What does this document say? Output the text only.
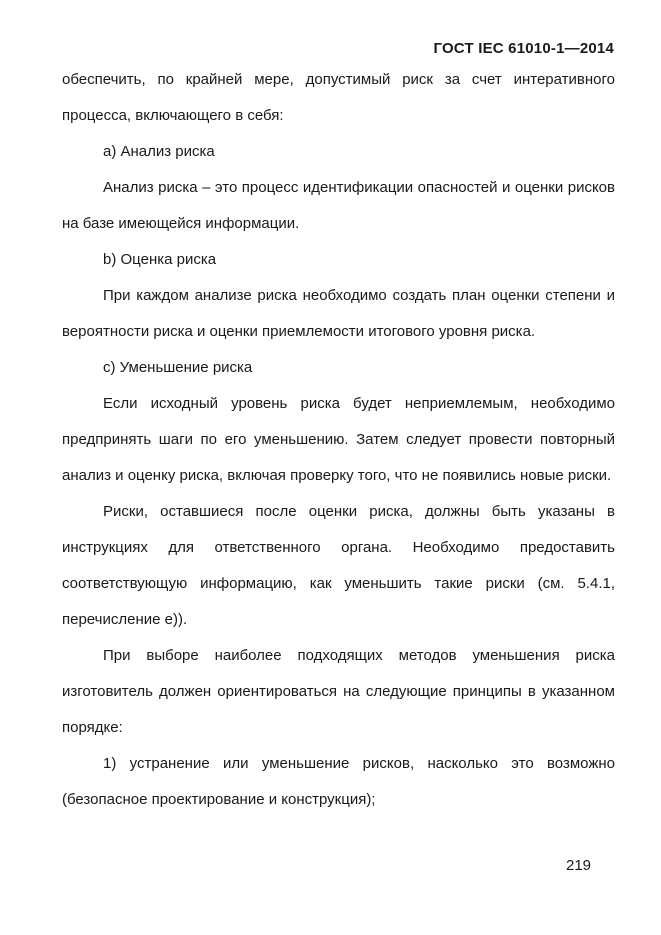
ГОСТ IEC 61010-1—2014

обеспечить, по крайней мере, допустимый риск за счет интеративного процесса, включающего в себя:

a) Анализ риска

Анализ риска – это процесс идентификации опасностей и оценки рисков на базе имеющейся информации.

b) Оценка риска

При каждом анализе риска необходимо создать план оценки степени и вероятности риска и оценки приемлемости итогового уровня риска.

c) Уменьшение риска

Если исходный уровень риска будет неприемлемым, необходимо предпринять шаги по его уменьшению. Затем следует провести повторный анализ и оценку риска, включая проверку того, что не появились новые риски.

Риски, оставшиеся после оценки риска, должны быть указаны в инструкциях для ответственного органа. Необходимо предоставить соответствующую информацию, как уменьшить такие риски (см. 5.4.1, перечисление e)).

При выборе наиболее подходящих методов уменьшения риска изготовитель должен ориентироваться на следующие принципы в указанном порядке:

1) устранение или уменьшение рисков, насколько это возможно (безопасное проектирование и конструкция);

219
